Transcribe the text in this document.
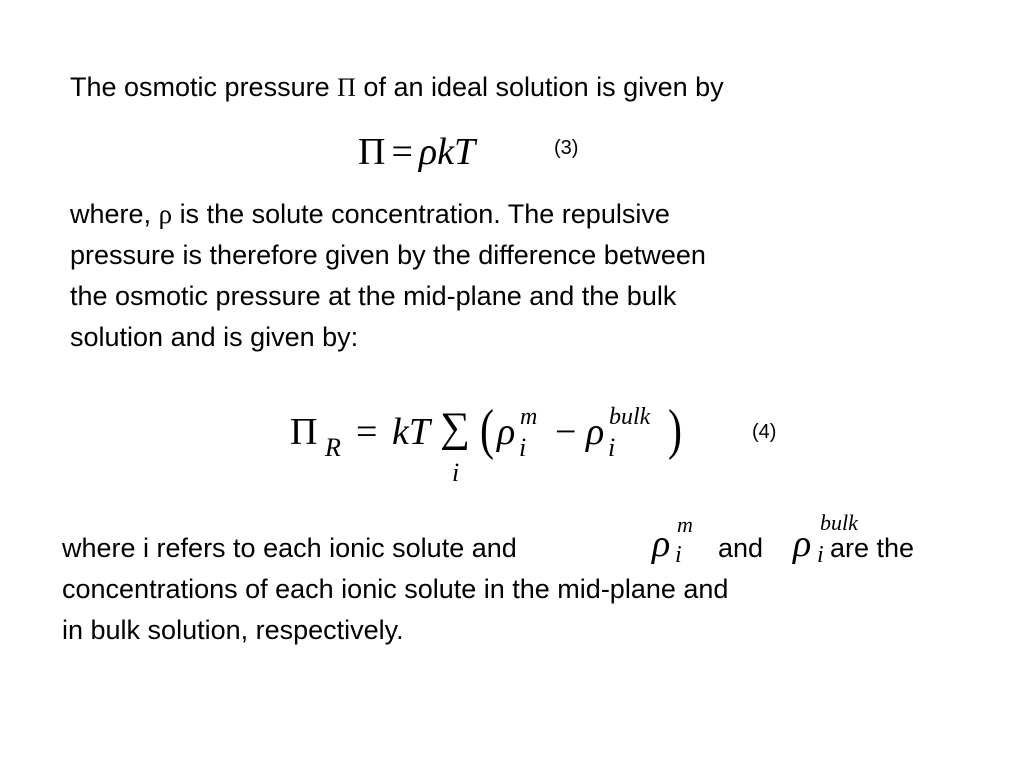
The osmotic pressure Π of an ideal solution is given by
Π = ρkT	(3)
where, ρ is the solute concentration. The repulsive
pressure is therefore given by the difference between
the osmotic pressure at the mid-plane and the bulk
solution and is given by:
Π R = kT ∑
i
( ρ m
i − ρ bulk
i )	(4)
where i refers to each ionic solute and	ρ m
i and ρ
bulk
i are the
concentrations of each ionic solute in the mid-plane and
in bulk solution, respectively.
